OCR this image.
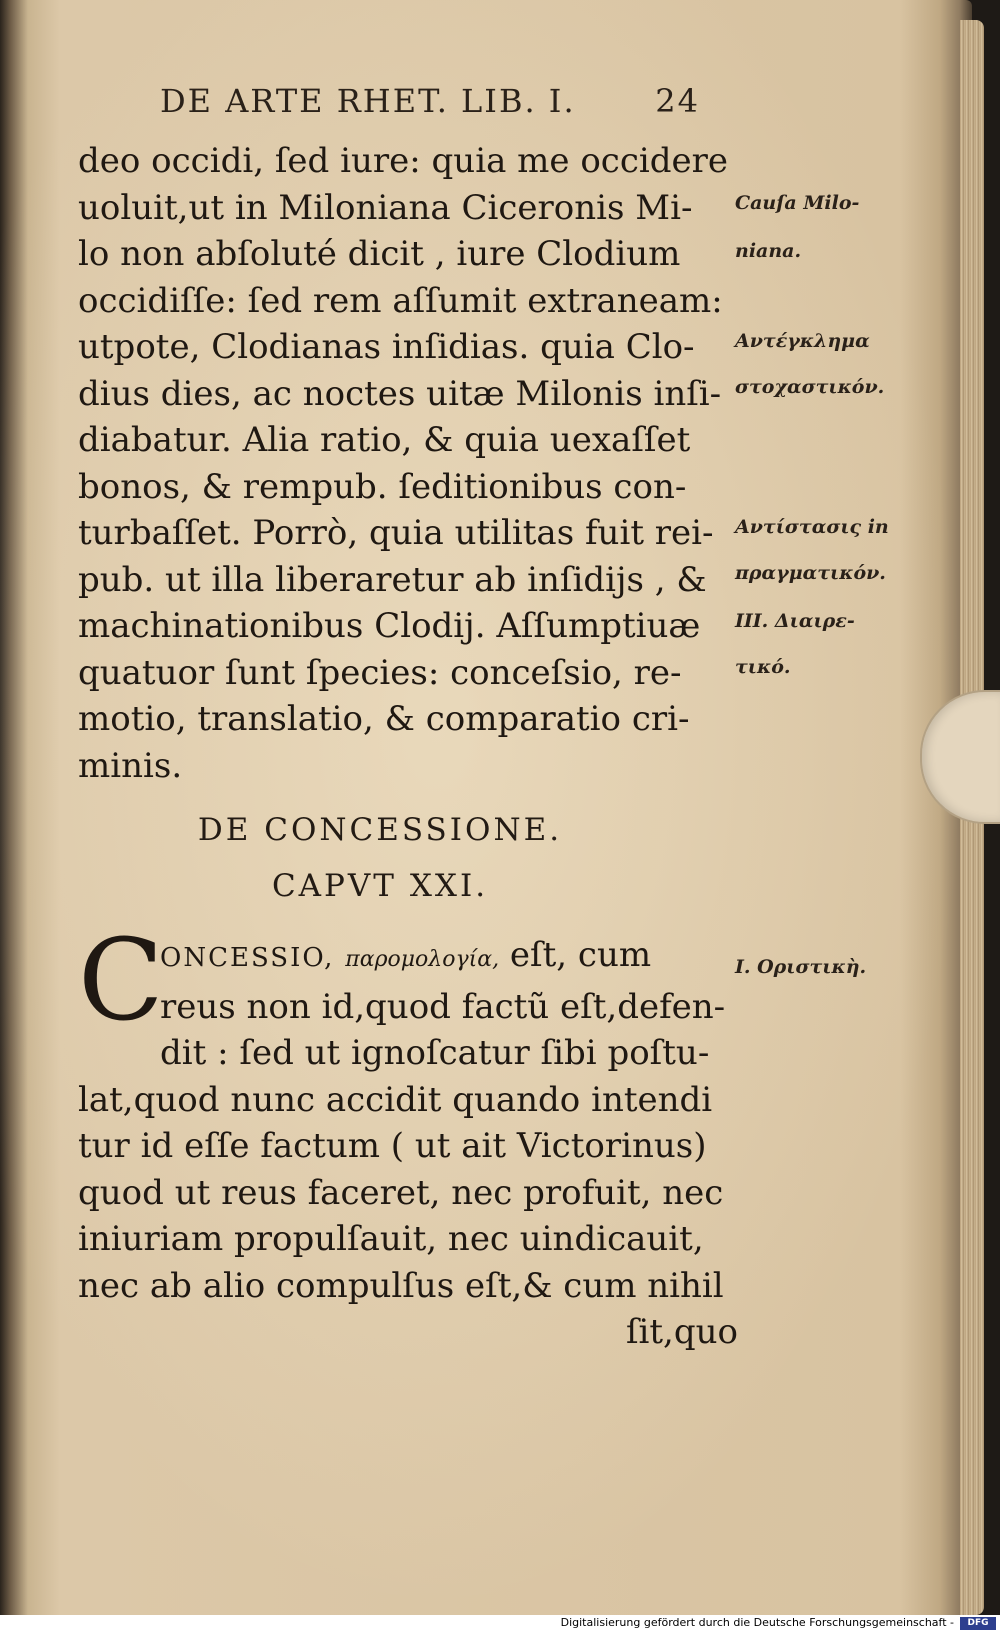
DE ARTE RHET. LIB. I. 24
deo occidi, ſed iure: quia me occidere
uoluit,ut in Miloniana Ciceronis Mi-
lo non abſoluté dicit , iure Clodium
occidiſſe: ſed rem aſſumit extraneam:
utpote, Clodianas inſidias. quia Clo-
dius dies, ac noctes uitæ Milonis inſi-
diabatur. Alia ratio, & quia uexaſſet
bonos, & rempub. ſeditionibus con-
turbaſſet. Porrò, quia utilitas fuit rei-
pub. ut illa liberaretur ab inſidijs , &
machinationibus Clodij. Aſſumptiuæ
quatuor ſunt ſpecies: conceſsio, re-
motio, translatio, & comparatio cri-
minis.
DE CONCESSIONE.
CAPVT XXI.
C
ONCESSIO, παρομολογία, eſt, cum
reus non id,quod factũ eſt,defen-
dit : ſed ut ignoſcatur ſibi poſtu-
lat,quod nunc accidit quando intendi
tur id eſſe factum ( ut ait Victorinus)
quod ut reus faceret, nec profuit, nec
iniuriam propulſauit, nec uindicauit,
nec ab alio compulſus eſt,& cum nihil
ſit,quo
Cauſa Milo-
niana.
Αντέγκλημα
στοχαστικόν.
Αντίστασις in
πραγματικόν.
III. Διαιρε-
τικό.
I. Οριστικὴ.
Digitalisierung gefördert durch die Deutsche Forschungsgemeinschaft -	DFG
